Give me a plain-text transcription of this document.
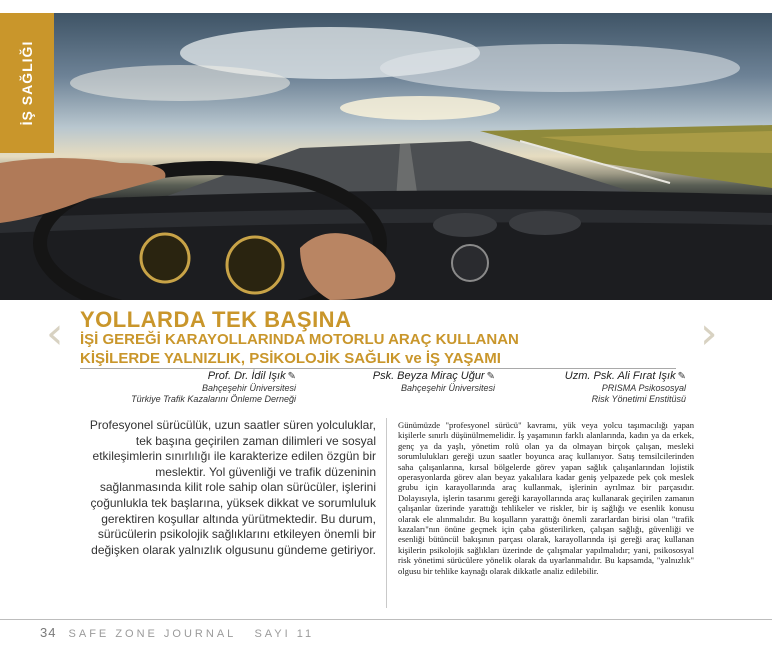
İŞ SAĞLIĞI
‹	›
YOLLARDA TEK BAŞINA
İŞİ GEREĞİ KARAYOLLARINDA MOTORLU ARAÇ KULLANAN
KİŞİLERDE YALNIZLIK, PSİKOLOJİK SAĞLIK ve İŞ YAŞAMI
Prof. Dr. İdil Işık ✎
Bahçeşehir Üniversitesi
Türkiye Trafik Kazalarını Önleme Derneği
Psk. Beyza Miraç Uğur ✎
Bahçeşehir Üniversitesi
Uzm. Psk. Ali Fırat Işık ✎
PRISMA Psikososyal
Risk Yönetimi Enstitüsü

Profesyonel sürücülük, uzun saatler süren yolculuklar, tek başına geçirilen zaman dilimleri ve sosyal etkileşimlerin sınırlılığı ile karakterize edilen özgün bir meslektir. Yol güvenliği ve trafik düzeninin sağlanmasında kilit role sahip olan sürücüler, işlerini çoğunlukla tek başlarına, yüksek dikkat ve sorumluluk gerektiren koşullar altında yürütmektedir. Bu durum, sürücülerin psikolojik sağlıklarını etkileyen önemli bir değişken olarak yalnızlık olgusunu gündeme getiriyor.

Günümüzde "profesyonel sürücü" kavramı, yük veya yolcu taşımacılığı yapan kişilerle sınırlı düşünülmemelidir. İş yaşamının farklı alanlarında, kadın ya da erkek, genç ya da yaşlı, yönetim rolü olan ya da olmayan birçok çalışan, mesleki sorumlulukları gereği uzun saatler boyunca araç kullanıyor. Satış temsilcilerinden saha çalışanlarına, kırsal bölgelerde görev yapan sağlık çalışanlarından lojistik operasyonlarda görev alan beyaz yakalılara kadar geniş yelpazede pek çok meslek grubu için karayollarında araç kullanmak, işlerinin ayrılmaz bir parçasıdır. Dolayısıyla, işlerin tasarımı gereği karayollarında araç kullanarak geçirilen zamanın çalışanlar üzerinde yarattığı tehlikeler ve riskler, bir iş sağlığı ve esenlik konusu olarak ele alınmalıdır. Bu koşulların yarattığı önemli zararlardan birisi olan "trafik kazaları"nın önüne geçmek için çaba gösterilirken, çalışan sağlığı, güvenliği ve esenliği bütüncül bakışının parçası olarak, karayollarında işi gereği araç kullanan kişilerin psikolojik sağlıkları üzerinde de çalışmalar yapılmalıdır; yani, psikososyal risk yönetimi sürücülere yönelik olarak da uyarlanmalıdır. Bu kapsamda, "yalnızlık" olgusu bir tehlike kaynağı olarak dikkatle analiz edilebilir.

34 SAFE ZONE JOURNAL SAYI 11
